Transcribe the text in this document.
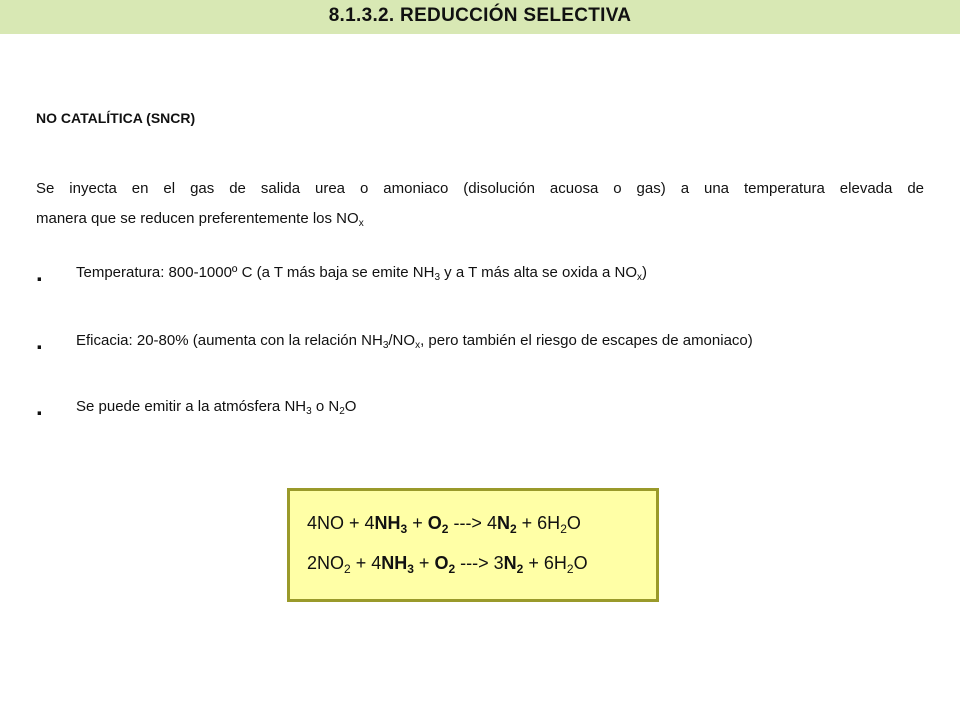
8.1.3.2. REDUCCIÓN SELECTIVA
NO CATALÍTICA (SNCR)
Se inyecta en el gas de salida urea o amoniaco (disolución acuosa o gas) a una temperatura elevada de
manera que se reducen preferentemente los $NO_x$
. Temperatura: 800-1000º C (a T más baja se emite $NH_3$ y a T más alta se oxida a $NO_x$)
. Eficacia: 20-80% (aumenta con la relación $NH_3/NO_x$, pero también el riesgo de escapes de amoniaco)
. Se puede emitir a la atmósfera $NH_3$ o $N_2O$
$4NO + 4NH_3 + O_2$ ---> $4N_2 + 6H_2O$
$2NO_2 + 4NH_3 + O_2$ ---> $3N_2 + 6H_2O$
